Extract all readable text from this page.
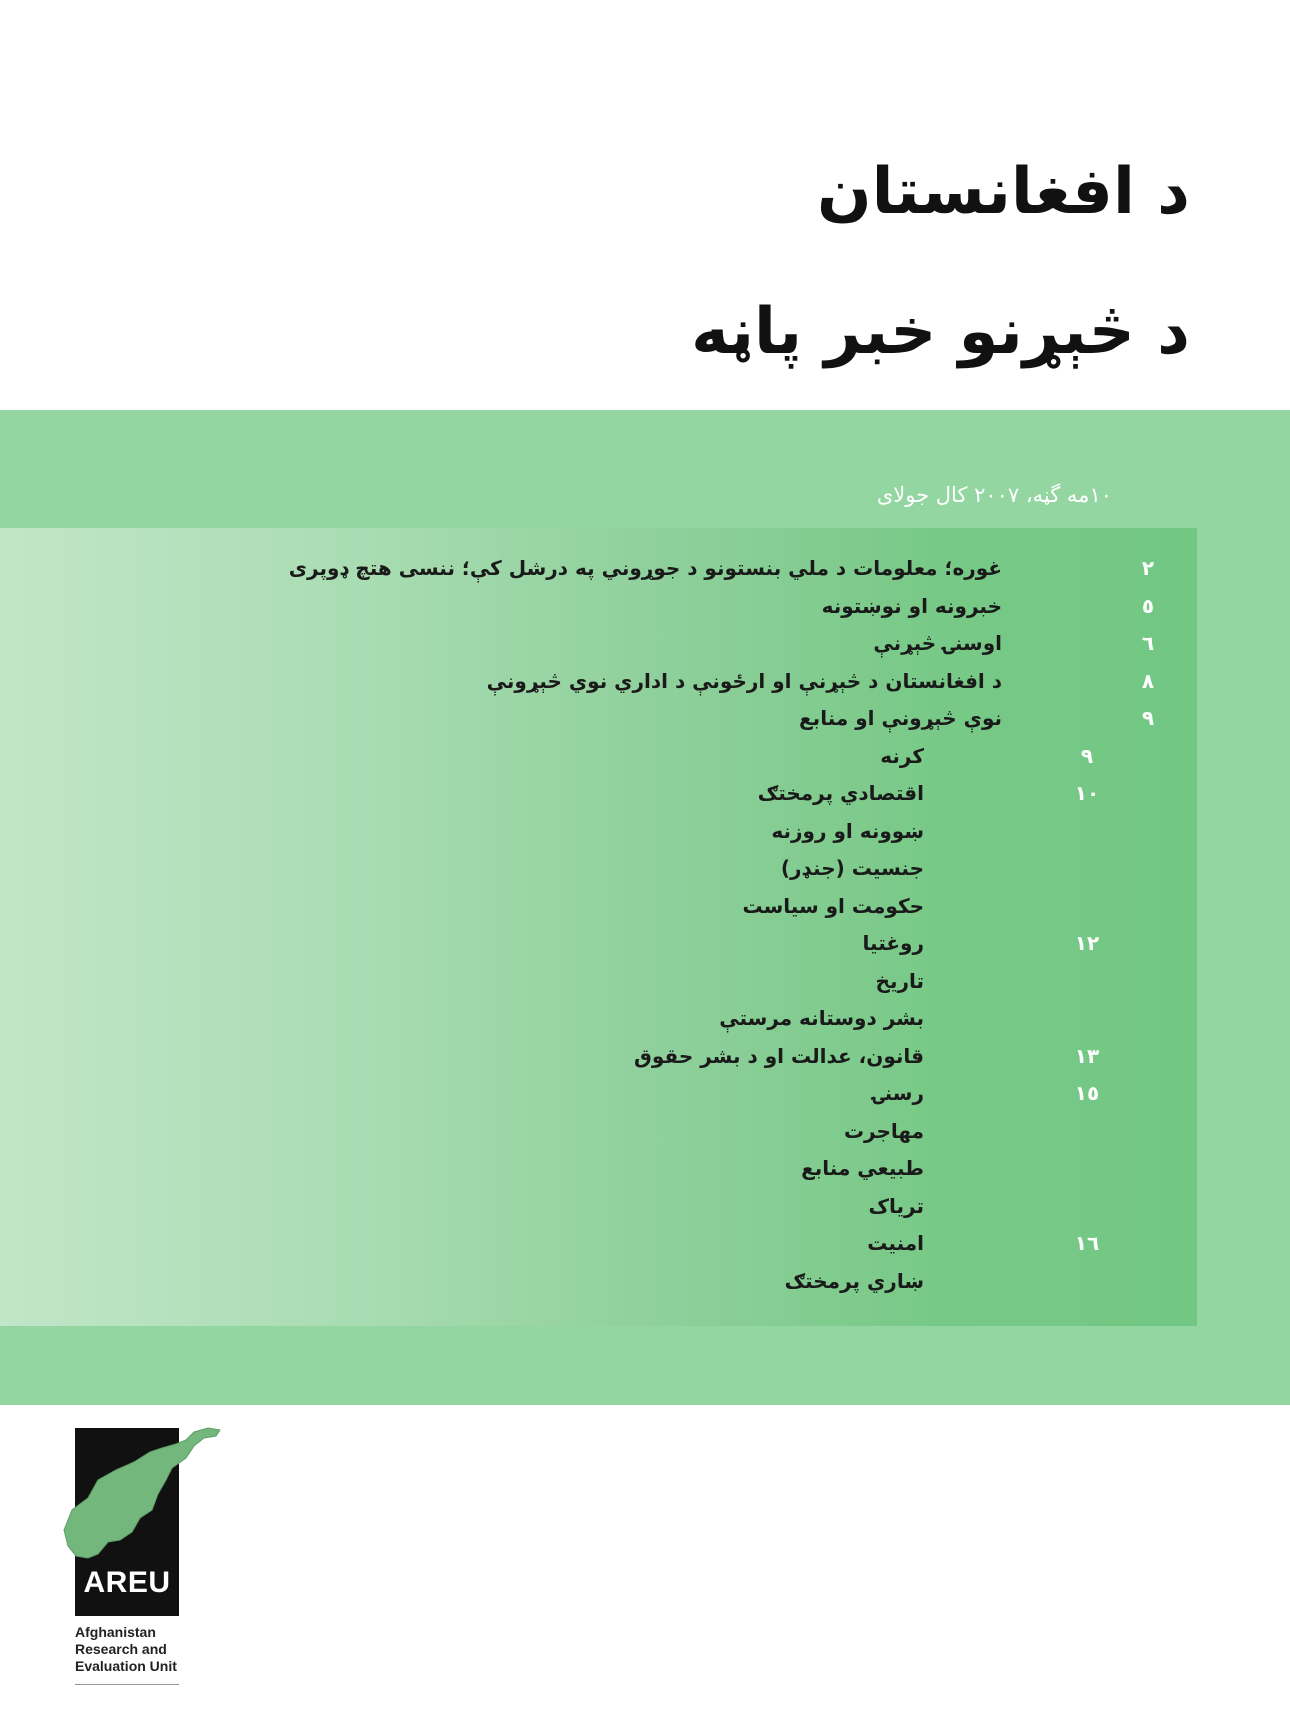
د افغانستان
د څېړنو خبر پاڼه
١٠مه گڼه، ٢٠٠٧ کال جولای
٢
غوره؛ معلومات د ملي بنستونو د جوړوني په درشل کې؛ ننسی هتچ ډوپری
٥
خبرونه او نوښتونه
٦
اوسنۍ څېړنې
٨
د افغانستان د څېړنې او ارځونې د اداري نوي څېړونې
٩
نوې څېړونې او منابع
٩
کرنه
١٠
اقتصادي پرمختګ
ښوونه او روزنه
جنسیت (جنډر)
حکومت او سیاست
١٢
روغتیا
تاریخ
بشر دوستانه مرستې
١٣
قانون، عدالت او د بشر حقوق
١٥
رسنۍ
مهاجرت
طبیعي منابع
تریاک
١٦
امنیت
ښاري پرمختګ
AREU
Afghanistan
Research and
Evaluation Unit
